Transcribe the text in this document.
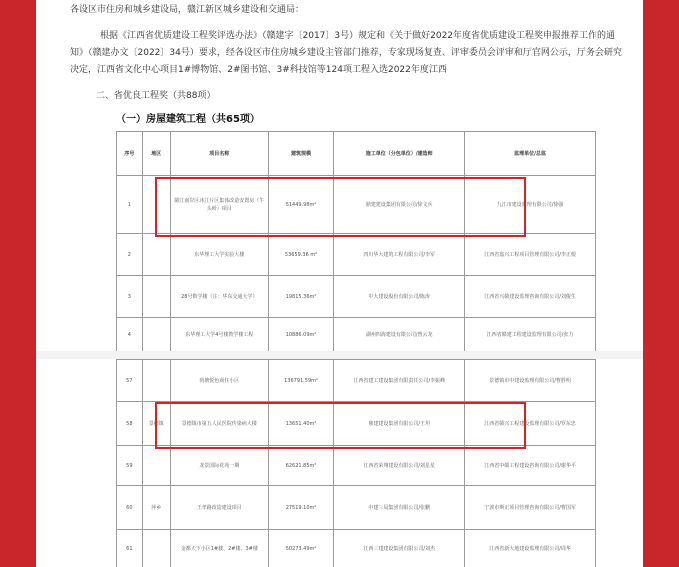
各设区市住房和城乡建设局，赣江新区城乡建设和交通局：
根据《江西省优质建设工程奖评选办法》（赣建字〔2017〕3号）规定和《关于做好2022年度省优质建设工程奖申报推荐工作的通知》（赣建办文〔2022〕34号）要求，经各设区市住房城乡建设主管部门推荐，专家现场复查、评审委员会评审和厅官网公示，厅务会研究决定，江西省文化中心项目1#博物馆、2#图书馆、3#科技馆等124项工程入选2022年度江西
二、省优良工程奖（共88项）
（一）房屋建筑工程（共65项）
序号	地区	项目名称	建筑规模	施工单位（分包单位）/建造师	监理单位/总监
1		赣江南岸区沐江片区集体改造安置房（牛头岭）项目	51449.98m²	鼎建建设集团有限公司/徐文兵	九江市建设监理有限公司/徐强
2		东华理工大学实验大楼	53659.36 m²	四川华大建筑工程有限公司/李军	江西省嘉兴工程项目管理有限公司/李正根
3		28号数学楼（注：华东交通大学）	19815.36m²	中大建设股份有限公司/陈涛	江西省兴赣建设监理咨询有限公司/刘俊生
4		东华理工大学4号楼教学楼工程	10886.09m²	湖州四海建设有限公司/曾云龙	江西省赣建工程建设监理有限公司/张力
57		荷塘悦色商住小区	136791.59m²	江西省建工建设集团有限责任公司/李振峰	景德镇市中建设监理有限公司/曹胜明
58	景德镇	景德镇市第五人民医院传染病大楼	13651.40m²	鼎建建设集团有限公司/王坦	江西省赣兴工程建设监理有限公司/罗东忠
59		龙景国际花苑一期	62621.85m²	江西省荣翔建设有限公司/刘星星	江西省中赣工程建设咨询有限公司/谢华平
60	萍乡	王孝路改造建设项目	27519.10m²	中建三局集团有限公司/张鹏	宁波市斯正项目管理咨询有限公司/曹国军
61		金都天下小区1#楼、2#楼、3#楼	50273.49m²	江西三建建设集团有限公司/刘杰	江西省新大地建设监理有限公司/周华
